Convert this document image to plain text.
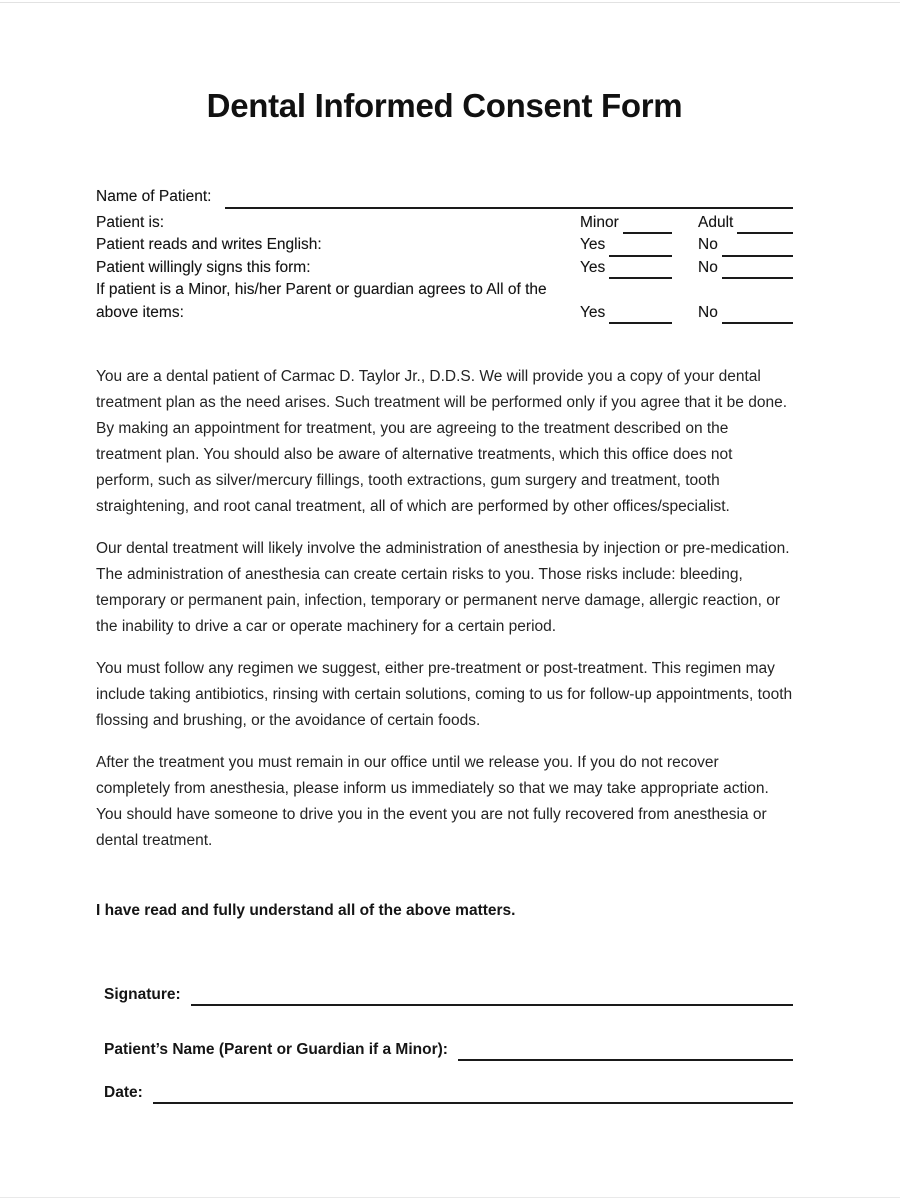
Dental Informed Consent Form
Name of Patient:
Patient is:	Minor	Adult
Patient reads and writes English:	Yes	No
Patient willingly signs this form:	Yes	No
If patient is a Minor, his/her Parent or guardian agrees to All of the above items:	Yes	No

You are a dental patient of Carmac D. Taylor Jr., D.D.S. We will provide you a copy of your dental treatment plan as the need arises. Such treatment will be performed only if you agree that it be done. By making an appointment for treatment, you are agreeing to the treatment described on the treatment plan. You should also be aware of alternative treatments, which this office does not perform, such as silver/mercury fillings, tooth extractions, gum surgery and treatment, tooth straightening, and root canal treatment, all of which are performed by other offices/specialist.

Our dental treatment will likely involve the administration of anesthesia by injection or pre-medication. The administration of anesthesia can create certain risks to you. Those risks include: bleeding, temporary or permanent pain, infection, temporary or permanent nerve damage, allergic reaction, or the inability to drive a car or operate machinery for a certain period.

You must follow any regimen we suggest, either pre-treatment or post-treatment. This regimen may include taking antibiotics, rinsing with certain solutions, coming to us for follow-up appointments, tooth flossing and brushing, or the avoidance of certain foods.

After the treatment you must remain in our office until we release you. If you do not recover completely from anesthesia, please inform us immediately so that we may take appropriate action. You should have someone to drive you in the event you are not fully recovered from anesthesia or dental treatment.

I have read and fully understand all of the above matters.
Signature:
Patient’s Name (Parent or Guardian if a Minor):
Date:
